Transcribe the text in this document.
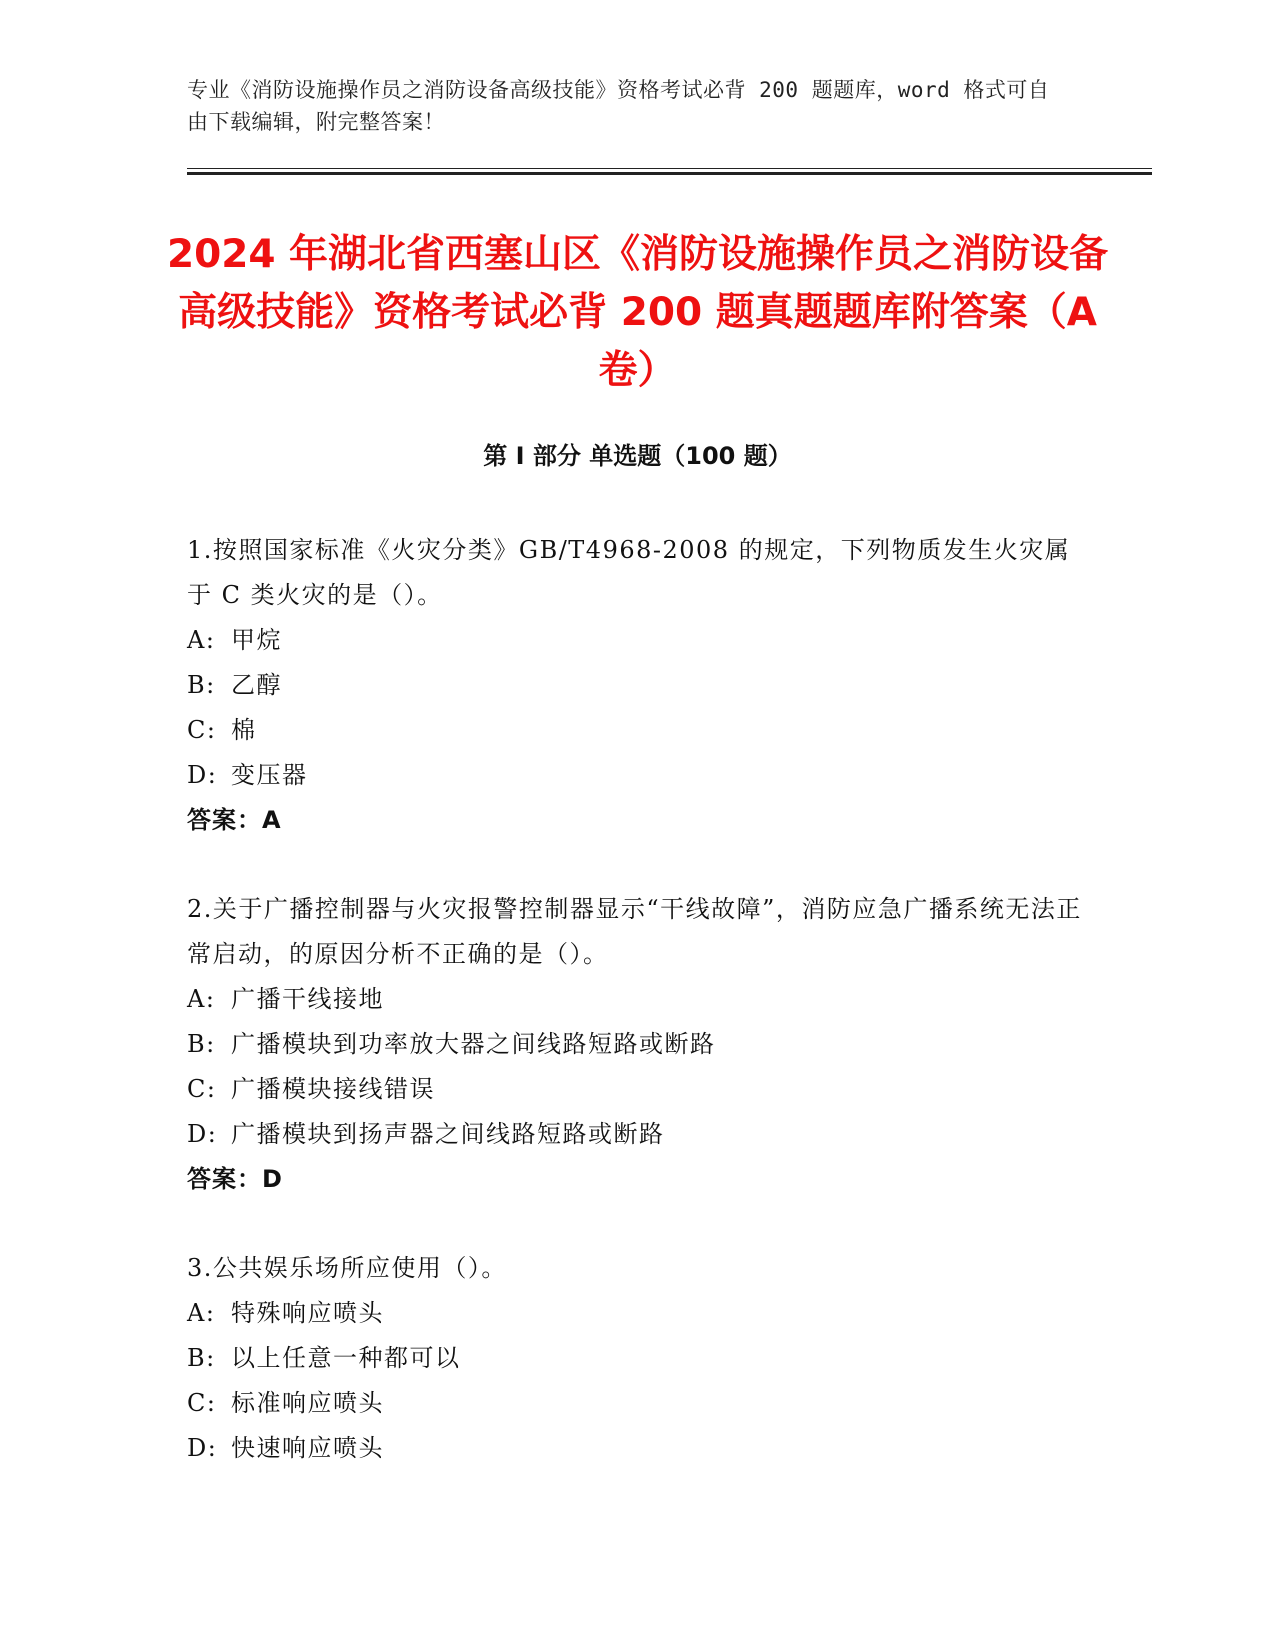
专业《消防设施操作员之消防设备高级技能》资格考试必背 200 题题库，word 格式可自由下载编辑，附完整答案！
2024 年湖北省西塞山区《消防设施操作员之消防设备高级技能》资格考试必背 200 题真题题库附答案（A 卷）
第 I 部分 单选题（100 题）
1.按照国家标准《火灾分类》GB/T4968-2008 的规定，下列物质发生火灾属于 C 类火灾的是（）。
A: 甲烷
B: 乙醇
C: 棉
D: 变压器
答案：A
2.关于广播控制器与火灾报警控制器显示“干线故障”，消防应急广播系统无法正常启动，的原因分析不正确的是（）。
A: 广播干线接地
B: 广播模块到功率放大器之间线路短路或断路
C: 广播模块接线错误
D: 广播模块到扬声器之间线路短路或断路
答案：D
3.公共娱乐场所应使用（）。
A: 特殊响应喷头
B: 以上任意一种都可以
C: 标准响应喷头
D: 快速响应喷头
